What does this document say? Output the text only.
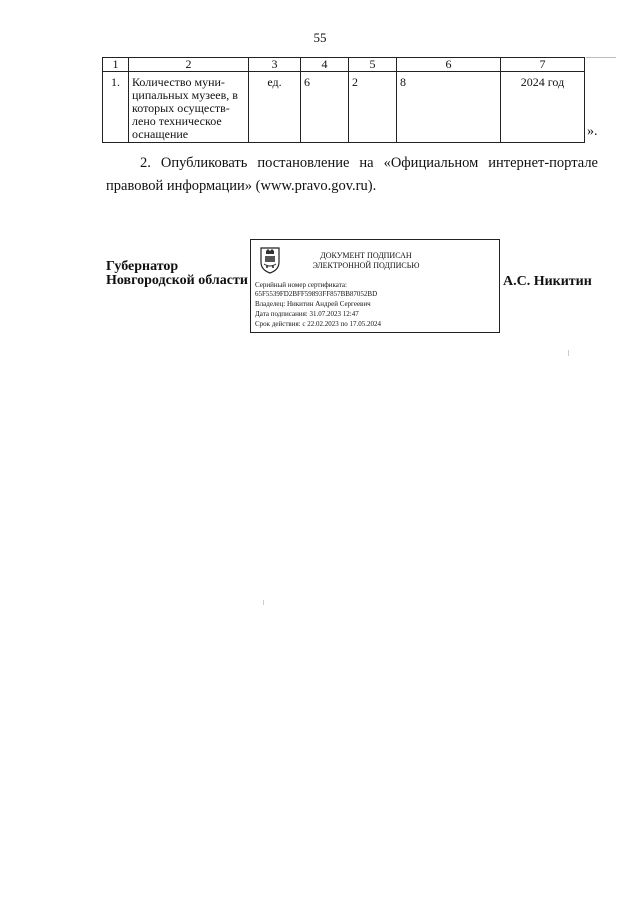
55
1	2	3	4	5	6	7
1.	Количество муни-ципальных музеев, в которых осуществ-лено техническое оснащение	ед.	6	2	8	2024 год
».
2. Опубликовать постановление на «Официальном интернет-портале правовой информации» (www.pravo.gov.ru).
Губернатор
Новгородской области
ДОКУМЕНТ ПОДПИСАН
ЭЛЕКТРОННОЙ ПОДПИСЬЮ
Серийный номер сертификата:
65F5539FD2BFF59893FF857BB87052BD
Владелец: Никитин Андрей Сергеевич
Дата подписания: 31.07.2023 12:47
Срок действия: с 22.02.2023 по 17.05.2024
А.С. Никитин
